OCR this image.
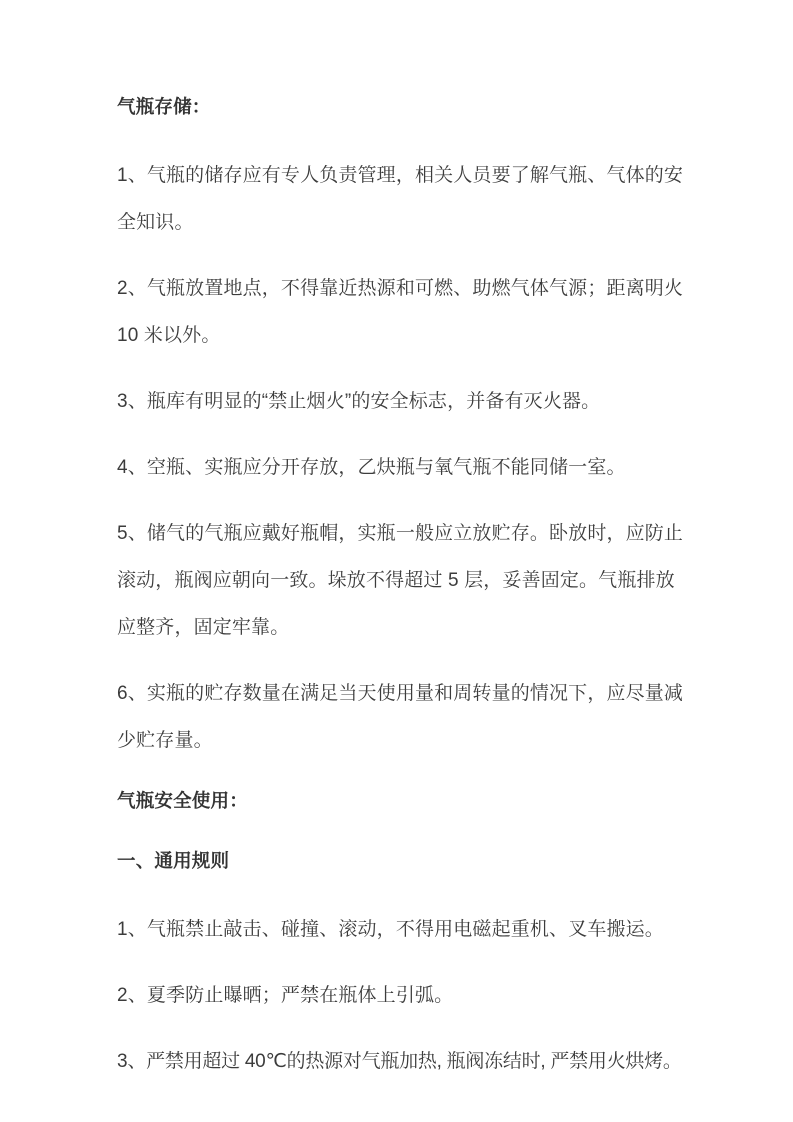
气瓶存储：

1、气瓶的储存应有专人负责管理，相关人员要了解气瓶、气体的安全知识。

2、气瓶放置地点，不得靠近热源和可燃、助燃气体气源；距离明火 10 米以外。

3、瓶库有明显的“禁止烟火”的安全标志，并备有灭火器。

4、空瓶、实瓶应分开存放，乙炔瓶与氧气瓶不能同储一室。

5、储气的气瓶应戴好瓶帽，实瓶一般应立放贮存。卧放时，应防止滚动，瓶阀应朝向一致。垛放不得超过 5 层，妥善固定。气瓶排放应整齐，固定牢靠。

6、实瓶的贮存数量在满足当天使用量和周转量的情况下，应尽量减少贮存量。

气瓶安全使用：
一、通用规则

1、气瓶禁止敲击、碰撞、滚动，不得用电磁起重机、叉车搬运。

2、夏季防止曝晒；严禁在瓶体上引弧。

3、严禁用超过 40℃的热源对气瓶加热, 瓶阀冻结时, 严禁用火烘烤。
